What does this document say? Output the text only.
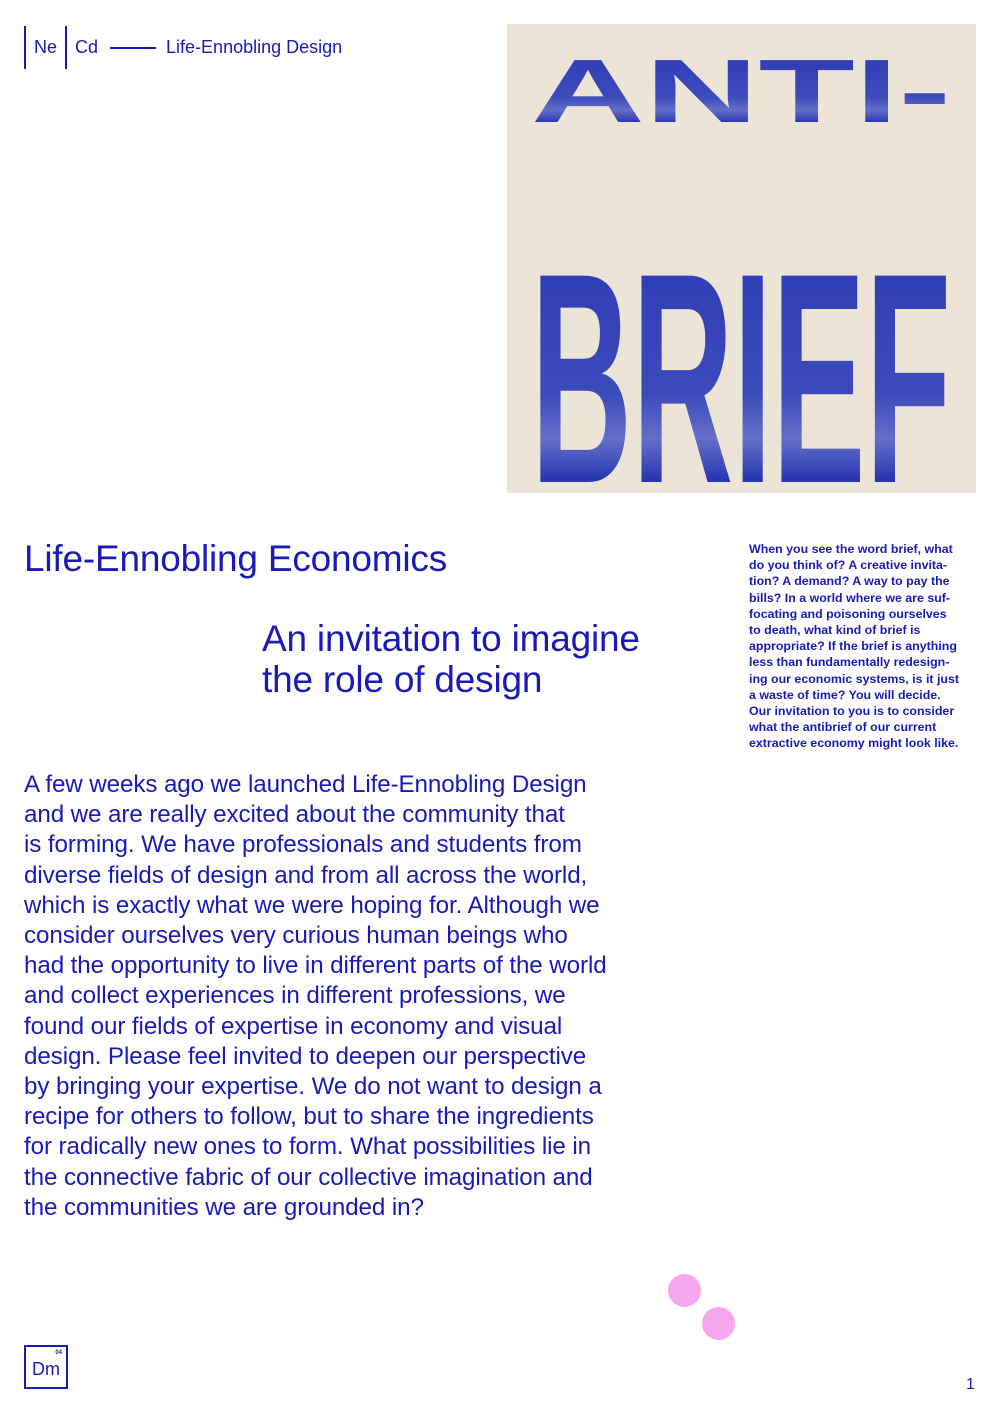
Ne	Cd	Life-Ennobling Design ANTI-
BRIEF
Life-Ennobling Economics
An invitation to imagine
the role of design

When you see the word brief, what
do you think of? A creative invita-
tion? A demand? A way to pay the
bills? In a world where we are suf-
focating and poisoning ourselves
to death, what kind of brief is
appropriate? If the brief is anything
less than fundamentally redesign-
ing our economic systems, is it just
a waste of time? You will decide.
Our invitation to you is to consider
what the antibrief of our current
extractive economy might look like.

A few weeks ago we launched Life-Ennobling Design
and we are really excited about the community that
is forming. We have professionals and students from
diverse fields of design and from all across the world,
which is exactly what we were hoping for. Although we
consider ourselves very curious human beings who
had the opportunity to live in different parts of the world
and collect experiences in different professions, we
found our fields of expertise in economy and visual
design. Please feel invited to deepen our perspective
by bringing your expertise. We do not want to design a
recipe for others to follow, but to share the ingredients
for radically new ones to form. What possibilities lie in
the connective fabric of our collective imagination and
the communities we are grounded in?

04
Dm
1
